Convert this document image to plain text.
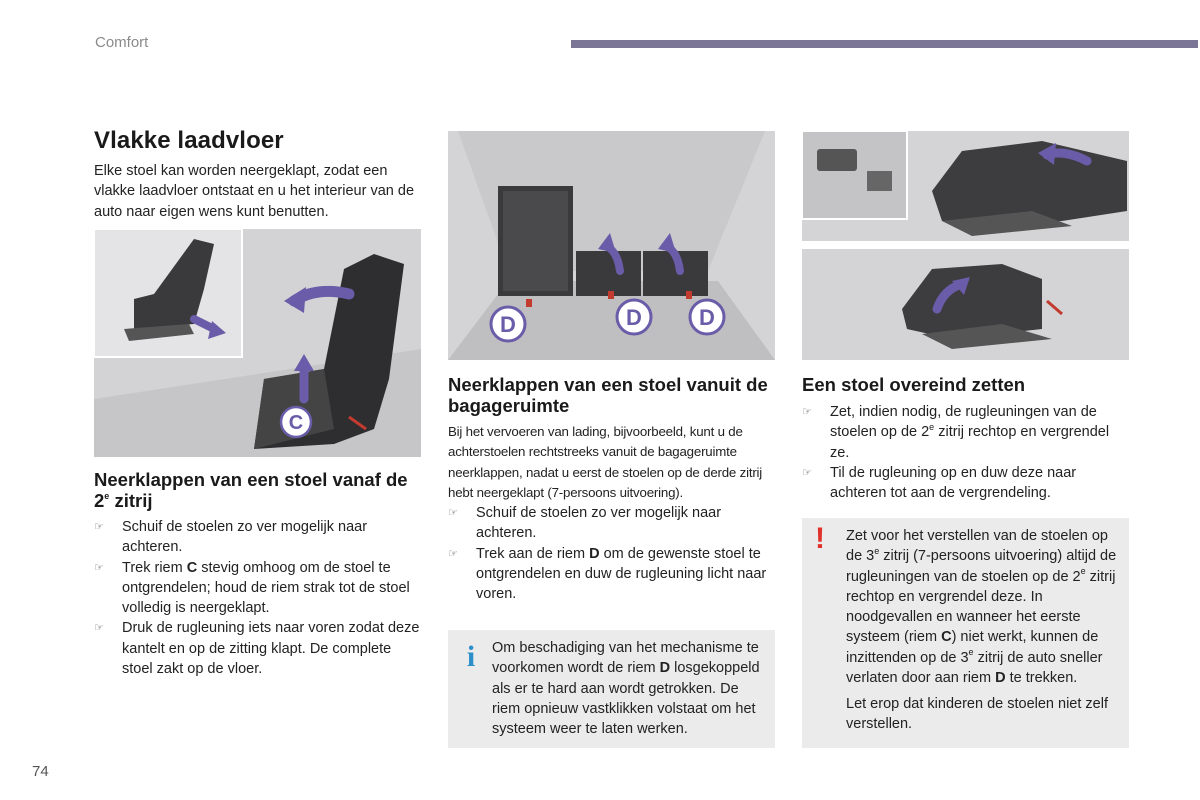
Comfort
74
Vlakke laadvloer

Elke stoel kan worden neergeklapt, zodat een vlakke laadvloer ontstaat en u het interieur van de auto naar eigen wens kunt benutten.

C
Neerklappen van een stoel vanaf de 2e zitrij
☞ Schuif de stoelen zo ver mogelijk naar achteren.
☞ Trek riem C stevig omhoog om de stoel te ontgrendelen; houd de riem strak tot de stoel volledig is neergeklapt.
☞ Druk de rugleuning iets naar voren zodat deze kantelt en op de zitting klapt. De complete stoel zakt op de vloer.
D	D	D
Neerklappen van een stoel vanuit de bagageruimte

Bij het vervoeren van lading, bijvoorbeeld, kunt u de achterstoelen rechtstreeks vanuit de bagageruimte neerklappen, nadat u eerst de stoelen op de derde zitrij hebt neergeklapt (7-persoons uitvoering).

☞ Schuif de stoelen zo ver mogelijk naar achteren.
☞ Trek aan de riem D om de gewenste stoel te ontgrendelen en duw de rugleuning licht naar voren.
i	Om beschadiging van het mechanisme te voorkomen wordt de riem D losgekoppeld als er te hard aan wordt getrokken. De riem opnieuw vastklikken volstaat om het systeem weer te laten werken.
Een stoel overeind zetten
☞ Zet, indien nodig, de rugleuningen van de stoelen op de 2e zitrij rechtop en vergrendel ze.
☞ Til de rugleuning op en duw deze naar achteren tot aan de vergrendeling.
! Zet voor het verstellen van de stoelen op de 3e zitrij (7-persoons uitvoering) altijd de rugleuningen van de stoelen op de 2e zitrij rechtop en vergrendel deze. In noodgevallen en wanneer het eerste systeem (riem C) niet werkt, kunnen de inzittenden op de 3e zitrij de auto sneller verlaten door aan riem D te trekken.
Let erop dat kinderen de stoelen niet zelf verstellen.
